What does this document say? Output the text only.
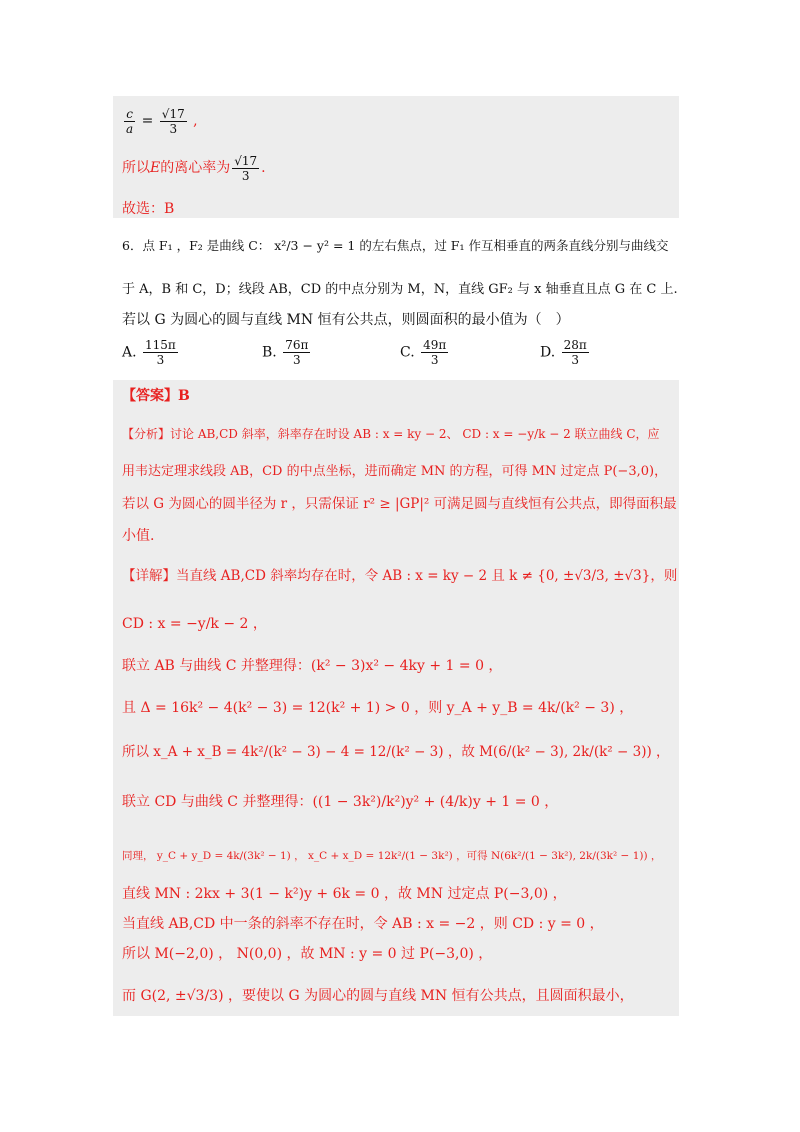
$\frac{c}{a} = \frac{√17}{3}$ ,
所以E的离心率为 $\frac{√17}{3}$ .
故选：B
6．点 F₁ ，F₂ 是曲线 C： x²/3 − y² = 1 的左右焦点，过 F₁ 作互相垂直的两条直线分别与曲线交
于 A，B 和 C，D；线段 AB，CD 的中点分别为 M，N，直线 GF₂ 与 x 轴垂直且点 G 在 C 上.
若以 G 为圆心的圆与直线 MN 恒有公共点，则圆面积的最小值为（　）
A. $\frac{115\pi}{3}$	B. $\frac{76\pi}{3}$	C. $\frac{49\pi}{3}$	D. $\frac{28\pi}{3}$
【答案】B
【分析】讨论 AB,CD 斜率，斜率存在时设 AB : x = ky − 2、 CD : x = −y/k − 2 联立曲线 C，应
用韦达定理求线段 AB，CD 的中点坐标，进而确定 MN 的方程，可得 MN 过定点 P(−3,0)，
若以 G 为圆心的圆半径为 r ，只需保证 r² ≥ |GP|² 可满足圆与直线恒有公共点，即得面积最
小值.
【详解】当直线 AB,CD 斜率均存在时，令 AB : x = ky − 2 且 k ≠ {0, ±√3/3, ±√3}，则
CD : x = −y/k − 2 ，
联立 AB 与曲线 C 并整理得：(k² − 3)x² − 4ky + 1 = 0 ，
且 Δ = 16k² − 4(k² − 3) = 12(k² + 1) > 0 ，则 y_A + y_B = 4k/(k² − 3) ，
所以 x_A + x_B = 4k²/(k² − 3) − 4 = 12/(k² − 3) ，故 M(6/(k² − 3), 2k/(k² − 3)) ，
联立 CD 与曲线 C 并整理得：((1 − 3k²)/k²)y² + (4/k)y + 1 = 0 ，
同理， y_C + y_D = 4k/(3k² − 1) ， x_C + x_D = 12k²/(1 − 3k²) ，可得 N(6k²/(1 − 3k²), 2k/(3k² − 1)) ，
直线 MN : 2kx + 3(1 − k²)y + 6k = 0 ，故 MN 过定点 P(−3,0) ，
当直线 AB,CD 中一条的斜率不存在时，令 AB : x = −2 ，则 CD : y = 0 ，
所以 M(−2,0) ， N(0,0) ，故 MN : y = 0 过 P(−3,0) ，
而 G(2, ±√3/3) ，要使以 G 为圆心的圆与直线 MN 恒有公共点，且圆面积最小，
